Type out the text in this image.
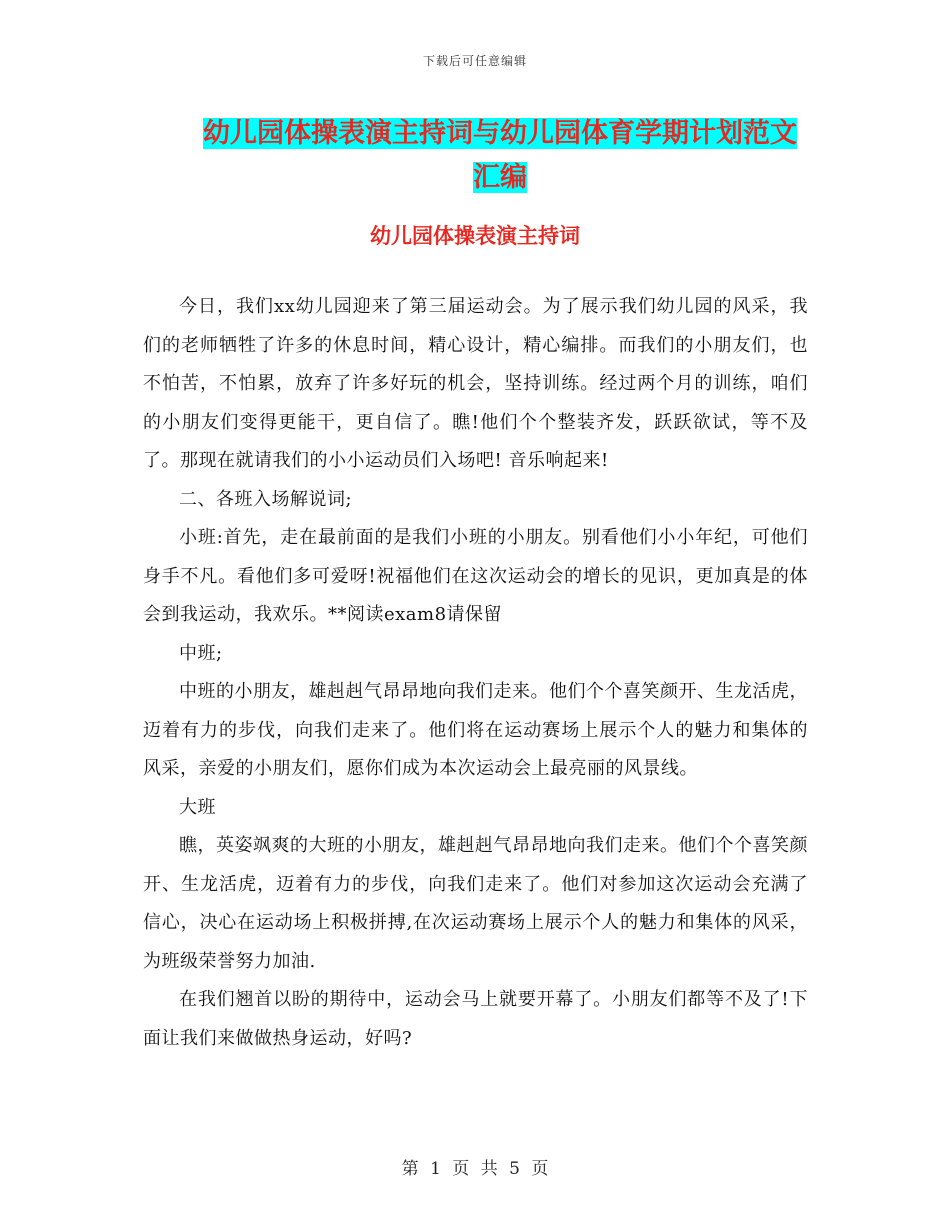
下载后可任意编辑
幼儿园体操表演主持词与幼儿园体育学期计划范文汇编
幼儿园体操表演主持词

今日，我们xx幼儿园迎来了第三届运动会。为了展示我们幼儿园的风采，我们的老师牺牲了许多的休息时间，精心设计，精心编排。而我们的小朋友们，也不怕苦，不怕累，放弃了许多好玩的机会，坚持训练。经过两个月的训练，咱们的小朋友们变得更能干，更自信了。瞧!他们个个整装齐发，跃跃欲试，等不及了。那现在就请我们的小小运动员们入场吧! 音乐响起来!

二、各班入场解说词;

小班:首先，走在最前面的是我们小班的小朋友。别看他们小小年纪，可他们身手不凡。看他们多可爱呀!祝福他们在这次运动会的增长的见识，更加真是的体会到我运动，我欢乐。**阅读exam8请保留

中班;

中班的小朋友，雄赳赳气昂昂地向我们走来。他们个个喜笑颜开、生龙活虎，迈着有力的步伐，向我们走来了。他们将在运动赛场上展示个人的魅力和集体的风采，亲爱的小朋友们，愿你们成为本次运动会上最亮丽的风景线。

大班

瞧，英姿飒爽的大班的小朋友，雄赳赳气昂昂地向我们走来。他们个个喜笑颜开、生龙活虎，迈着有力的步伐，向我们走来了。他们对参加这次运动会充满了信心，决心在运动场上积极拼搏,在次运动赛场上展示个人的魅力和集体的风采，为班级荣誉努力加油.

在我们翘首以盼的期待中，运动会马上就要开幕了。小朋友们都等不及了!下面让我们来做做热身运动，好吗?

第 1 页 共 5 页
